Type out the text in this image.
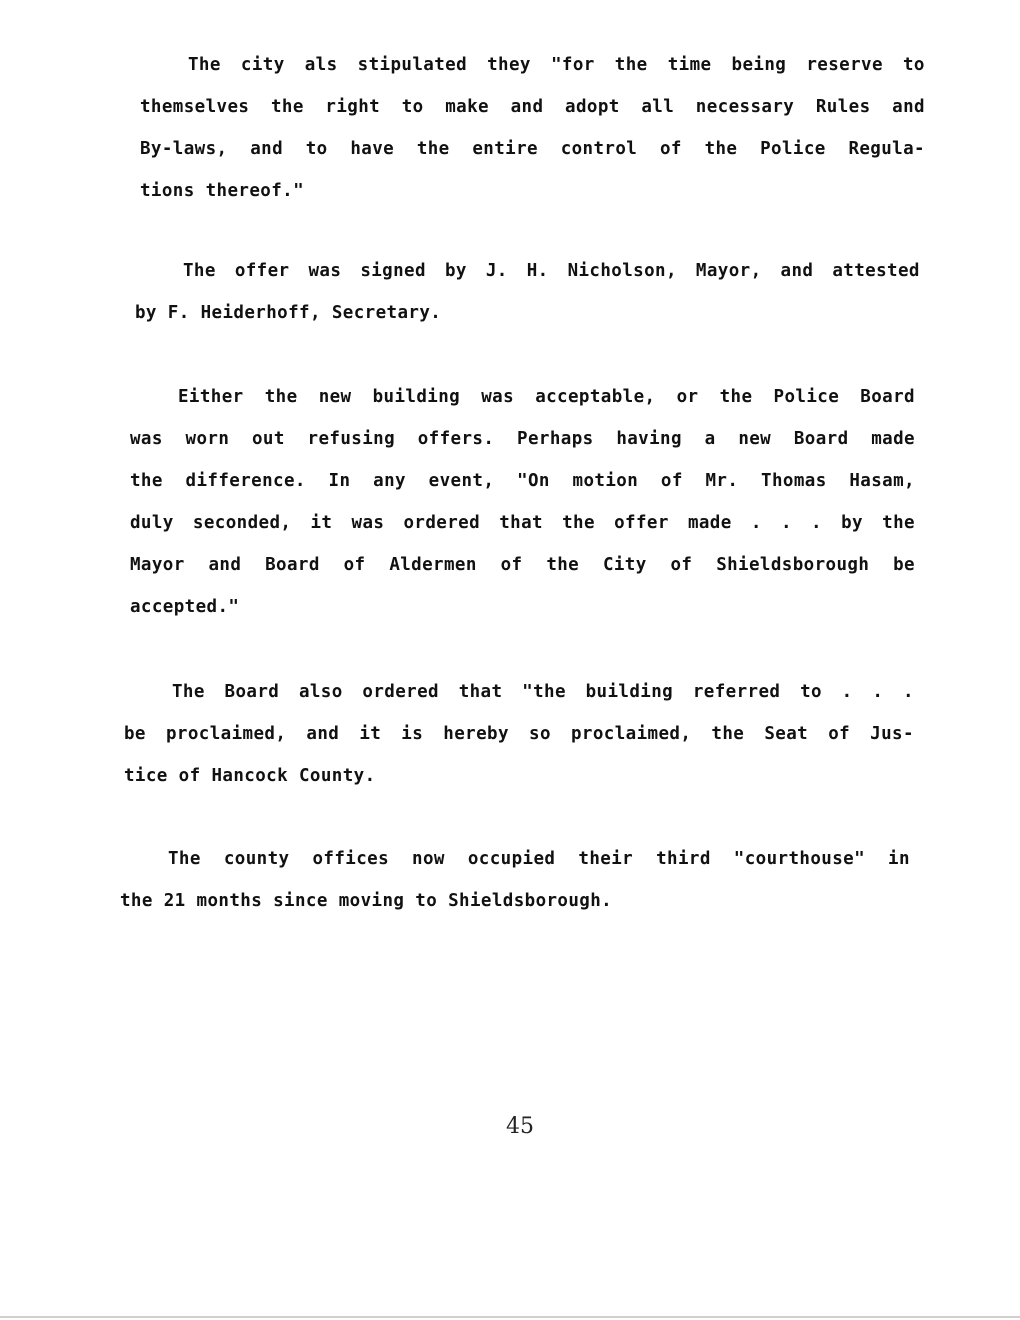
The city als stipulated they "for the time being reserve to
themselves the right to make and adopt all necessary Rules and
By-laws, and to have the entire control of the Police Regula-
tions thereof."
The offer was signed by J. H. Nicholson, Mayor, and attested
by F. Heiderhoff, Secretary.
Either the new building was acceptable, or the Police Board
was worn out refusing offers. Perhaps having a new Board made
the difference. In any event, "On motion of Mr. Thomas Hasam,
duly seconded, it was ordered that the offer made . . . by the
Mayor and Board of Aldermen of the City of Shieldsborough be
accepted."
The Board also ordered that "the building referred to . . .
be proclaimed, and it is hereby so proclaimed, the Seat of Jus-
tice of Hancock County.
The county offices now occupied their third "courthouse" in
the 21 months since moving to Shieldsborough.

45
